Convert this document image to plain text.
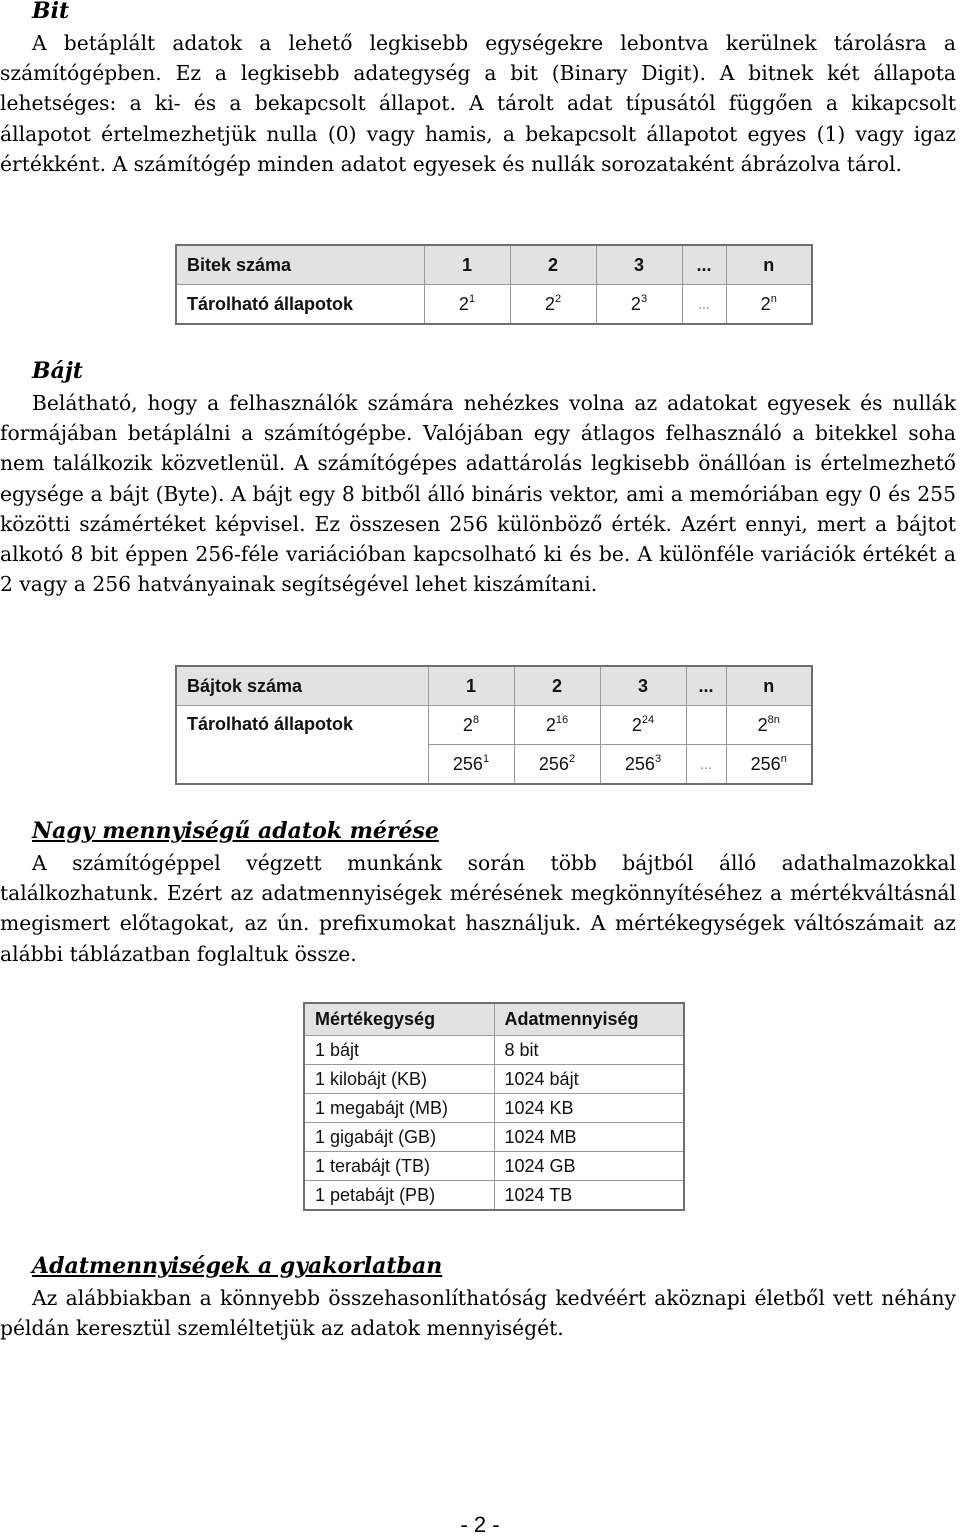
Bit

A betáplált adatok a lehető legkisebb egységekre lebontva kerülnek tárolásra a számítógépben. Ez a legkisebb adategység a bit (Binary Digit). A bitnek két állapota lehetséges: a ki- és a bekapcsolt állapot. A tárolt adat típusától függően a kikapcsolt állapotot értelmezhetjük nulla (0) vagy hamis, a bekapcsolt állapotot egyes (1) vagy igaz értékként. A számítógép minden adatot egyesek és nullák sorozataként ábrázolva tárol.

Bitek száma	1	2	3	...	n
Tárolható állapotok	$2^1$	$2^2$	$2^3$	...	2$^n$
Bájt

Belátható, hogy a felhasználók számára nehézkes volna az adatokat egyesek és nullák formájában betáplálni a számítógépbe. Valójában egy átlagos felhasználó a bitekkel soha nem találkozik közvetlenül. A számítógépes adattárolás legkisebb önállóan is értelmezhető egysége a bájt (Byte). A bájt egy 8 bitből álló bináris vektor, ami a memóriában egy 0 és 255 közötti számértéket képvisel. Ez összesen 256 különböző érték. Azért ennyi, mert a bájtot alkotó 8 bit éppen 256-féle variációban kapcsolható ki és be. A különféle variációk értékét a 2 vagy a 256 hatványainak segítségével lehet kiszámítani.

Bájtok száma	1	2	3	...	n
Tárolható állapotok	$2^8$	$2^{16}$	$2^{24}$		$2^{8n}$
	$256^1$	$256^2$	$256^3$	...	256$^n$
Nagy mennyiségű adatok mérése

A számítógéppel végzett munkánk során több bájtból álló adathalmazokkal találkozhatunk. Ezért az adatmennyiségek mérésének megkönnyítéséhez a mértékváltásnál megismert előtagokat, az ún. prefixumokat használjuk. A mértékegységek váltószámait az alábbi táblázatban foglaltuk össze.

Mértékegység	Adatmennyiség
1 bájt	8 bit
1 kilobájt (KB)	1024 bájt
1 megabájt (MB)	1024 KB
1 gigabájt (GB)	1024 MB
1 terabájt (TB)	1024 GB
1 petabájt (PB)	1024 TB
Adatmennyiségek a gyakorlatban

Az alábbiakban a könnyebb összehasonlíthatóság kedvéért aköznapi életből vett néhány példán keresztül szemléltetjük az adatok mennyiségét.

- 2 -
